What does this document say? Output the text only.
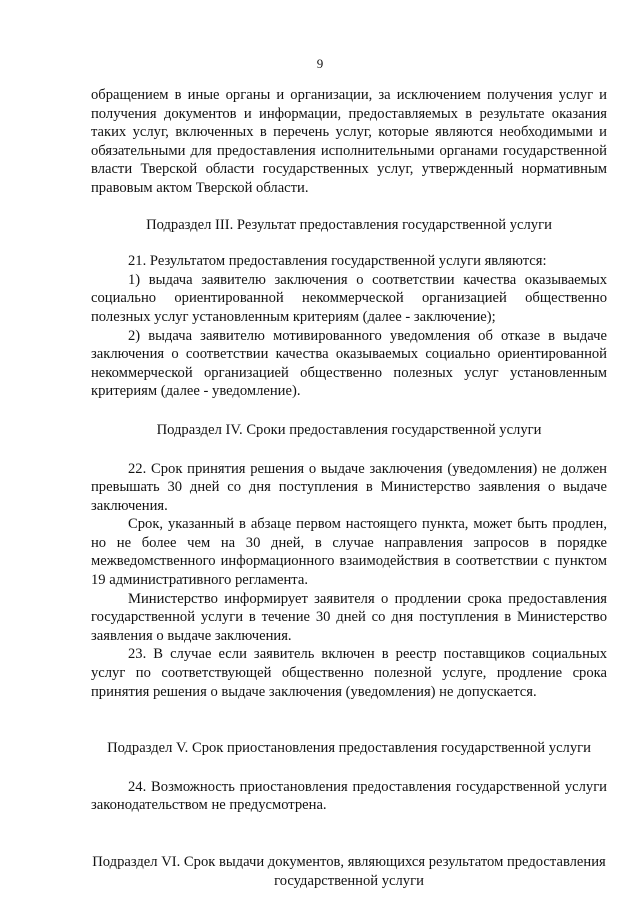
9

обращением в иные органы и организации, за исключением получения услуг и получения документов и информации, предоставляемых в результате оказания таких услуг, включенных в перечень услуг, которые являются необходимыми и обязательными для предоставления исполнительными органами государственной власти Тверской области государственных услуг, утвержденный нормативным правовым актом Тверской области.

Подраздел III. Результат предоставления государственной услуги

21. Результатом предоставления государственной услуги являются:

1) выдача заявителю заключения о соответствии качества оказываемых социально ориентированной некоммерческой организацией общественно полезных услуг установленным критериям (далее - заключение);

2) выдача заявителю мотивированного уведомления об отказе в выдаче заключения о соответствии качества оказываемых социально ориентированной некоммерческой организацией общественно полезных услуг установленным критериям (далее - уведомление).

Подраздел IV. Сроки предоставления государственной услуги

22. Срок принятия решения о выдаче заключения (уведомления) не должен превышать 30 дней со дня поступления в Министерство заявления о выдаче заключения.

Срок, указанный в абзаце первом настоящего пункта, может быть продлен, но не более чем на 30 дней, в случае направления запросов в порядке межведомственного информационного взаимодействия в соответствии с пунктом 19 административного регламента.

Министерство информирует заявителя о продлении срока предоставления государственной услуги в течение 30 дней со дня поступления в Министерство заявления о выдаче заключения.

23. В случае если заявитель включен в реестр поставщиков социальных услуг по соответствующей общественно полезной услуге, продление срока принятия решения о выдаче заключения (уведомления) не допускается.

Подраздел V. Срок приостановления предоставления государственной услуги

24. Возможность приостановления предоставления государственной услуги законодательством не предусмотрена.

Подраздел VI. Срок выдачи документов, являющихся результатом предоставления государственной услуги
